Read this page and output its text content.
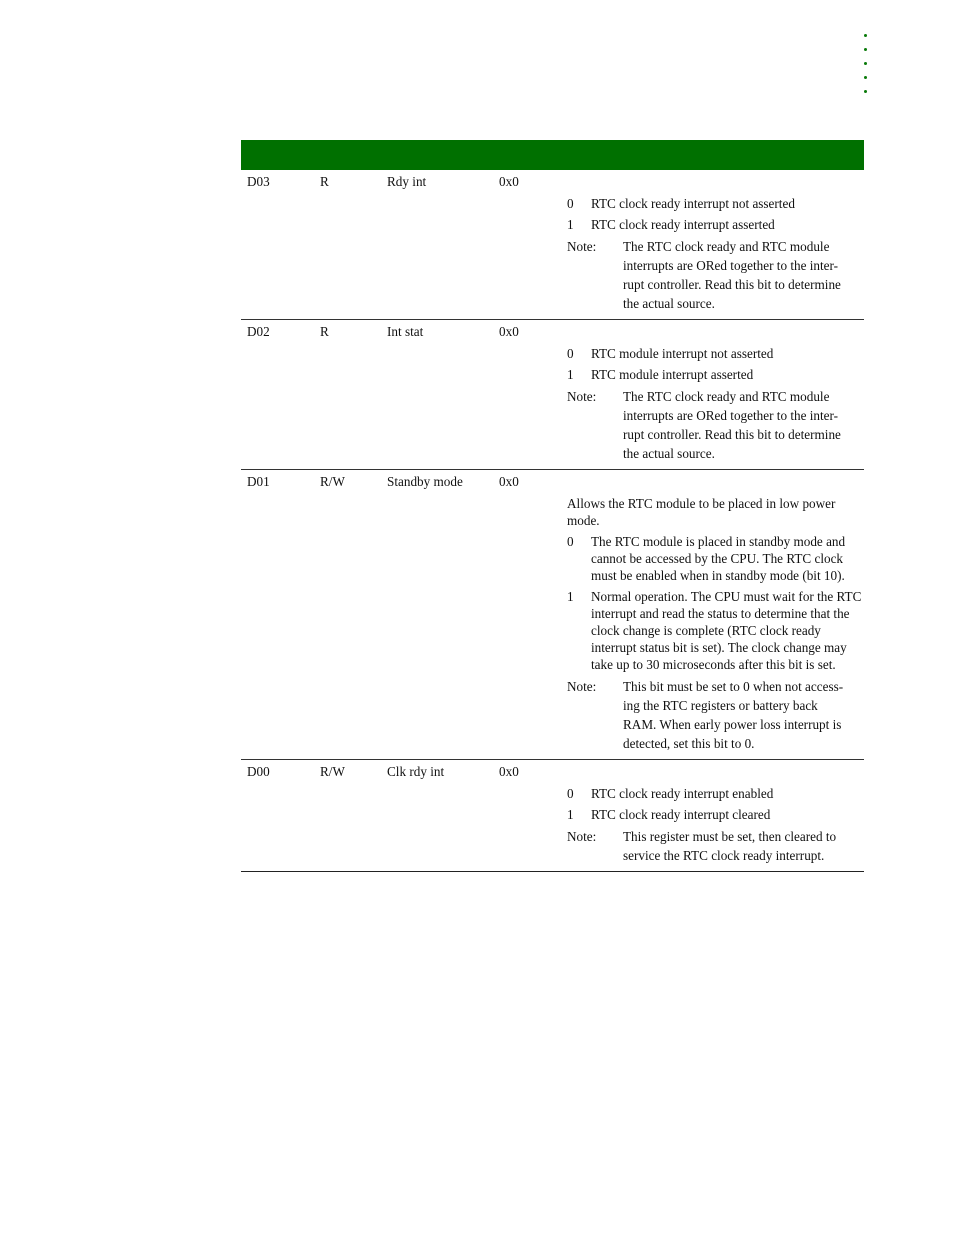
D03	R	Rdy int	0x0
0	RTC clock ready interrupt not asserted
1	RTC clock ready interrupt asserted
Note:	The RTC clock ready and RTC module interrupts are ORed together to the inter-rupt controller. Read this bit to determine the actual source.
D02	R	Int stat	0x0
0	RTC module interrupt not asserted
1	RTC module interrupt asserted
Note:	The RTC clock ready and RTC module interrupts are ORed together to the inter-rupt controller. Read this bit to determine the actual source.
D01	R/W	Standby mode	0x0
Allows the RTC module to be placed in low power mode.
0	The RTC module is placed in standby mode and cannot be accessed by the CPU. The RTC clock must be enabled when in standby mode (bit 10).
1	Normal operation. The CPU must wait for the RTC interrupt and read the status to determine that the clock change is complete (RTC clock ready interrupt status bit is set). The clock change may take up to 30 microseconds after this bit is set.
Note:	This bit must be set to 0 when not access-ing the RTC registers or battery back RAM. When early power loss interrupt is detected, set this bit to 0.
D00	R/W	Clk rdy int	0x0
0	RTC clock ready interrupt enabled
1	RTC clock ready interrupt cleared
Note:	This register must be set, then cleared to service the RTC clock ready interrupt.
